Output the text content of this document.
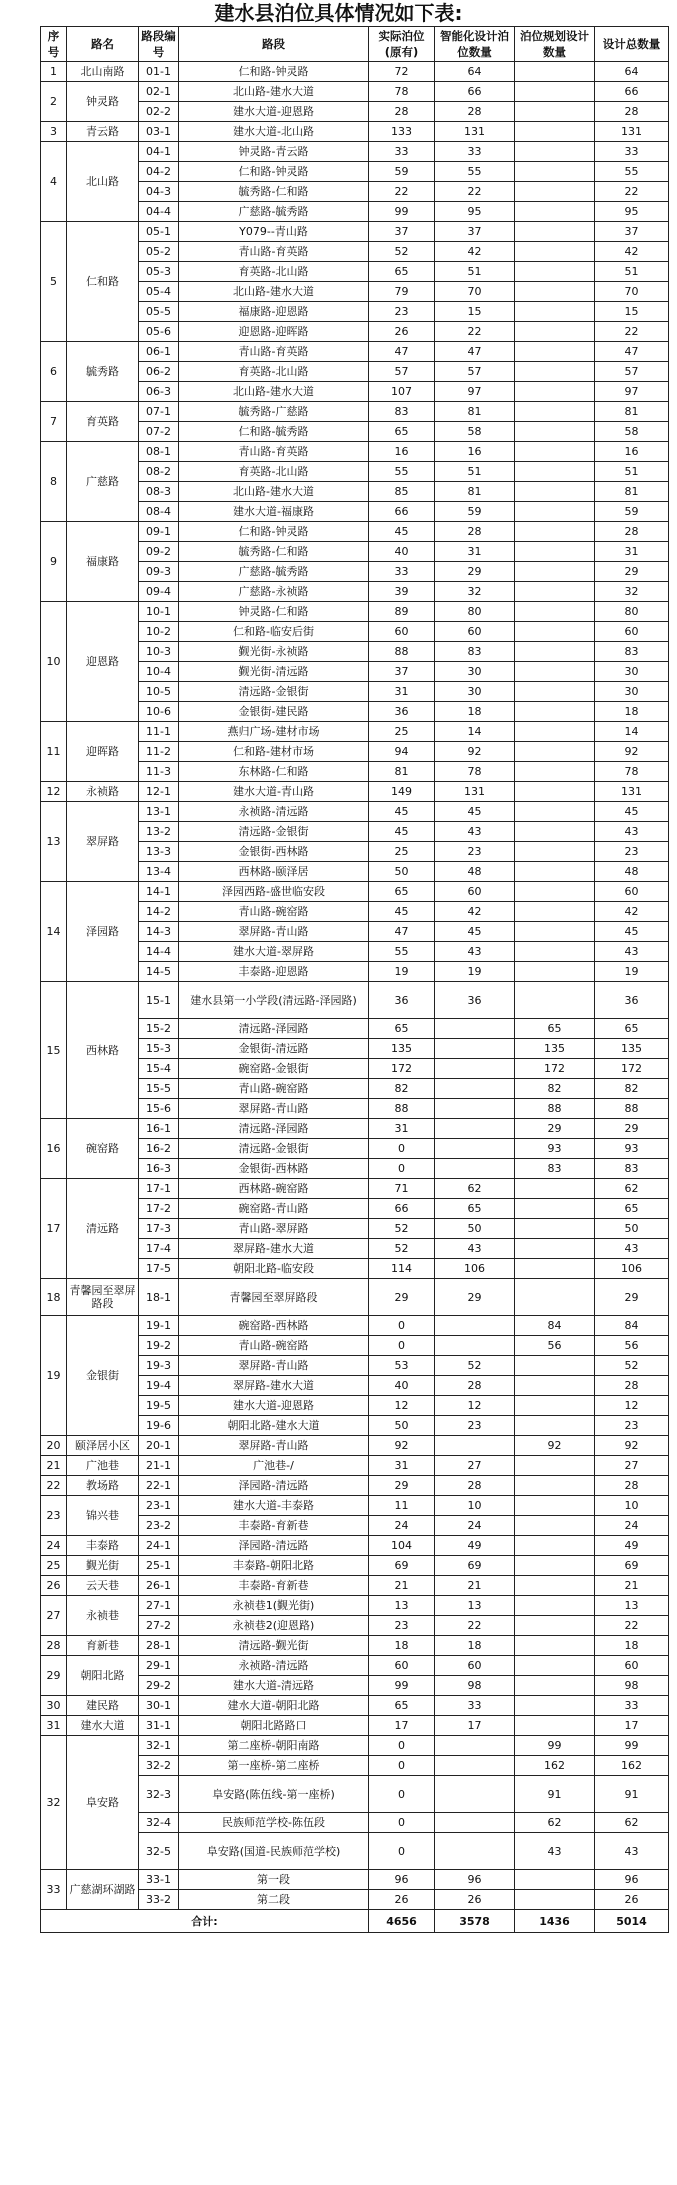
建水县泊位具体情况如下表:
序号	路名	路段编号	路段	实际泊位(原有)	智能化设计泊位数量	泊位规划设计数量	设计总数量
1	北山南路	01-1	仁和路-钟灵路	72	64		64
2	钟灵路	02-1	北山路-建水大道	78	66		66
		02-2	建水大道-迎恩路	28	28		28
3	青云路	03-1	建水大道-北山路	133	131		131
4	北山路	04-1	钟灵路-青云路	33	33		33
		04-2	仁和路-钟灵路	59	55		55
		04-3	毓秀路-仁和路	22	22		22
		04-4	广慈路-毓秀路	99	95		95
5	仁和路	05-1	Y079--青山路	37	37		37
		05-2	青山路-育英路	52	42		42
		05-3	育英路-北山路	65	51		51
		05-4	北山路-建水大道	79	70		70
		05-5	福康路-迎恩路	23	15		15
		05-6	迎恩路-迎晖路	26	22		22
6	毓秀路	06-1	青山路-育英路	47	47		47
		06-2	育英路-北山路	57	57		57
		06-3	北山路-建水大道	107	97		97
7	育英路	07-1	毓秀路-广慈路	83	81		81
		07-2	仁和路-毓秀路	65	58		58
8	广慈路	08-1	青山路-育英路	16	16		16
		08-2	育英路-北山路	55	51		51
		08-3	北山路-建水大道	85	81		81
		08-4	建水大道-福康路	66	59		59
9	福康路	09-1	仁和路-钟灵路	45	28		28
		09-2	毓秀路-仁和路	40	31		31
		09-3	广慈路-毓秀路	33	29		29
		09-4	广慈路-永祯路	39	32		32
10	迎恩路	10-1	钟灵路-仁和路	89	80		80
		10-2	仁和路-临安后街	60	60		60
		10-3	觐光街-永祯路	88	83		83
		10-4	觐光街-清远路	37	30		30
		10-5	清远路-金银街	31	30		30
		10-6	金银街-建民路	36	18		18
11	迎晖路	11-1	燕归广场-建材市场	25	14		14
		11-2	仁和路-建材市场	94	92		92
		11-3	东林路-仁和路	81	78		78
12	永祯路	12-1	建水大道-青山路	149	131		131
13	翠屏路	13-1	永祯路-清远路	45	45		45
		13-2	清远路-金银街	45	43		43
		13-3	金银街-西林路	25	23		23
		13-4	西林路-颐泽居	50	48		48
14	泽园路	14-1	泽园西路-盛世临安段	65	60		60
		14-2	青山路-碗窑路	45	42		42
		14-3	翠屏路-青山路	47	45		45
		14-4	建水大道-翠屏路	55	43		43
		14-5	丰泰路-迎恩路	19	19		19
15	西林路	15-1	建水县第一小学段(清远路-泽园路)	36	36		36
		15-2	清远路-泽园路	65		65	65
		15-3	金银街-清远路	135		135	135
		15-4	碗窑路-金银街	172		172	172
		15-5	青山路-碗窑路	82		82	82
		15-6	翠屏路-青山路	88		88	88
16	碗窑路	16-1	清远路-泽园路	31		29	29
		16-2	清远路-金银街	0		93	93
		16-3	金银街-西林路	0		83	83
17	清远路	17-1	西林路-碗窑路	71	62		62
		17-2	碗窑路-青山路	66	65		65
		17-3	青山路-翠屏路	52	50		50
		17-4	翠屏路-建水大道	52	43		43
		17-5	朝阳北路-临安段	114	106		106
18	青馨园至翠屏路段	18-1	青馨园至翠屏路段	29	29		29
19	金银街	19-1	碗窑路-西林路	0		84	84
		19-2	青山路-碗窑路	0		56	56
		19-3	翠屏路-青山路	53	52		52
		19-4	翠屏路-建水大道	40	28		28
		19-5	建水大道-迎恩路	12	12		12
		19-6	朝阳北路-建水大道	50	23		23
20	颐泽居小区	20-1	翠屏路-青山路	92		92	92
21	广池巷	21-1	广池巷-/	31	27		27
22	教场路	22-1	泽园路-清远路	29	28		28
23	锦兴巷	23-1	建水大道-丰泰路	11	10		10
		23-2	丰泰路-育新巷	24	24		24
24	丰泰路	24-1	泽园路-清远路	104	49		49
25	觐光街	25-1	丰泰路-朝阳北路	69	69		69
26	云天巷	26-1	丰泰路-育新巷	21	21		21
27	永祯巷	27-1	永祯巷1(觐光街)	13	13		13
		27-2	永祯巷2(迎恩路)	23	22		22
28	育新巷	28-1	清远路-觐光街	18	18		18
29	朝阳北路	29-1	永祯路-清远路	60	60		60
		29-2	建水大道-清远路	99	98		98
30	建民路	30-1	建水大道-朝阳北路	65	33		33
31	建水大道	31-1	朝阳北路路口	17	17		17
32	阜安路	32-1	第二座桥-朝阳南路	0		99	99
		32-2	第一座桥-第二座桥	0		162	162
		32-3	阜安路(陈伍线-第一座桥)	0		91	91
		32-4	民族师范学校-陈伍段	0		62	62
		32-5	阜安路(国道-民族师范学校)	0		43	43
33	广慈湖环湖路	33-1	第一段	96	96		96
		33-2	第二段	26	26		26
合计:				4656	3578	1436	5014
